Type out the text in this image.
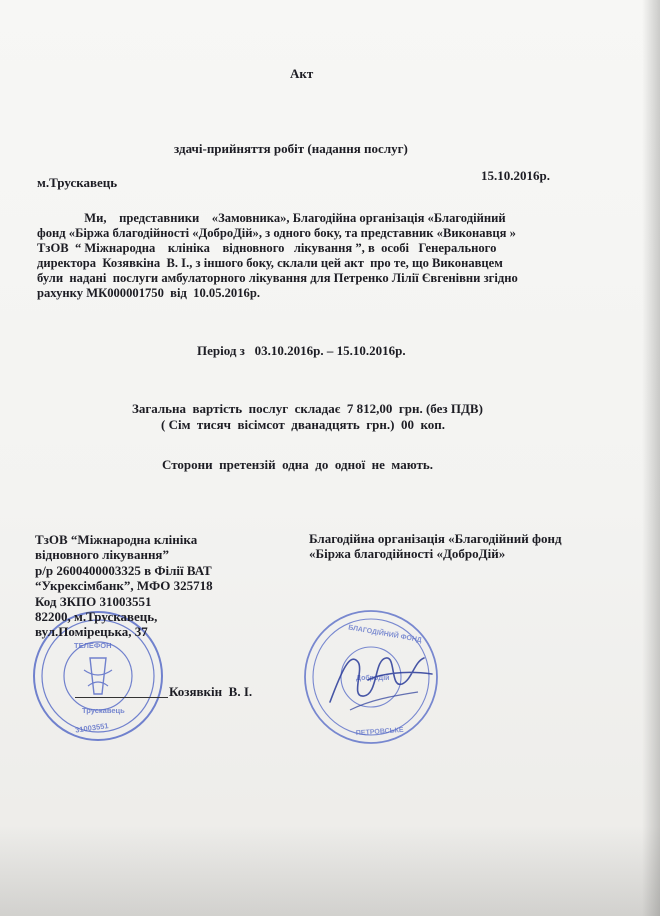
Акт
здачі-прийняття робіт (надання послуг)
м.Трускавець	15.10.2016р.
Ми,    представники    «Замовника», Благодійна організація «Благодійний
фонд «Біржа благодійності «ДоброДій», з одного боку, та представник «Виконавця »
ТзОВ  “ Міжнародна    клініка    відновного   лікування ”, в  особі   Генерального
директора  Козявкіна  В. І., з іншого боку, склали цей акт  про те, що Виконавцем
були  надані  послуги амбулаторного лікування для Петренко Лілії Євгенівни згідно
рахунку МК000001750  від  10.05.2016р.
Період з   03.10.2016р. – 15.10.2016р.
Загальна  вартість  послуг  складає  7 812,00  грн. (без ПДВ)
( Сім  тисяч  вісімсот  дванадцять  грн.)  00  коп.
Сторони  претензій  одна  до  одної  не  мають.
31003551
ТЕЛЕФОН
Трускавець
БЛАГОДІЙНИЙ ФОНД
ПЕТРОВСЬКЕ
ДоброДій
ТзОВ “Міжнародна клініка
відновного лікування”
р/р 2600400003325 в Філії ВАТ
“Укрексімбанк”, МФО 325718
Код ЗКПО 31003551
82200, м.Трускавець,
вул.Помірецька, 37
Благодійна організація «Благодійний фонд
«Біржа благодійності «ДоброДій»
Козявкін  В. І.
